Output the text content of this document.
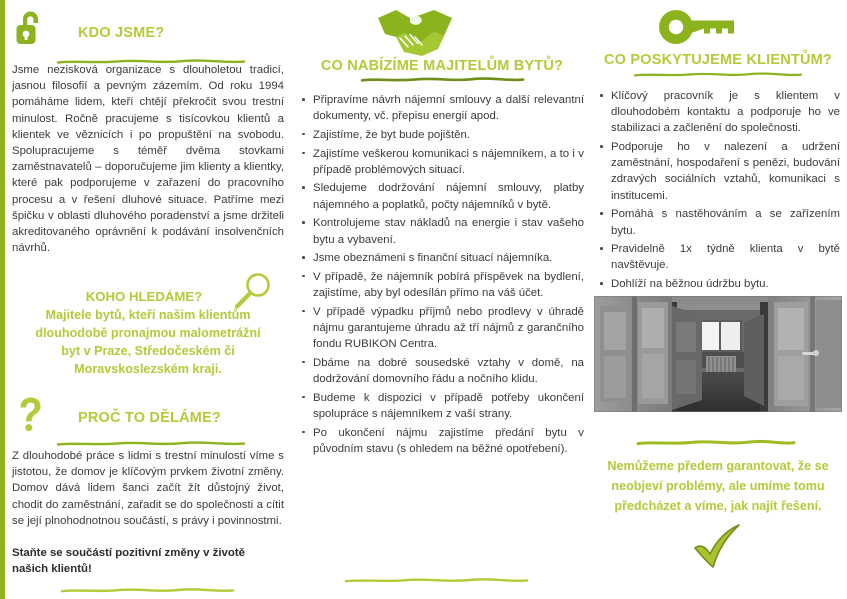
KDO JSME?

Jsme nezisková organizace s dlouholetou tradicí, jasnou filosofií a pevným zázemím. Od roku 1994 pomáháme lidem, kteří chtějí překročit svou trestní minulost. Ročně pracujeme s tisícovkou klientů a klientek ve věznicích i po propuštění na svobodu. Spolupracujeme s téměř dvěma stovkami zaměstnavatelů – doporučujeme jim klienty a klientky, které pak podporujeme v zařazení do pracovního procesu a v řešení dluhové situace. Patříme mezi špičku v oblasti dluhového poradenství a jsme držiteli akreditovaného oprávnění k podávání insolvenčních návrhů.

KOHO HLEDÁME?

Majitele bytů, kteří našim klientům

dlouhodobě pronajmou malometrážní

byt v Praze, Středočeském či

Moravskoslezském kraji.

PROČ TO DĚLÁME?

Z dlouhodobé práce s lidmi s trestní minulostí víme s jistotou, že domov je klíčovým prvkem životní změny. Domov dává lidem šanci začít žít důstojný život, chodit do zaměstnání, zařadit se do společnosti a cítit se její plnohodnotnou součástí, s právy i povinnostmi.

Staňte se součástí pozitivní změny v životě našich klientů!

CO NABÍZÍME MAJITELŮM BYTŮ?
Připravíme návrh nájemní smlouvy a další relevantní dokumenty, vč. přepisu energií apod.
Zajistíme, že byt bude pojištěn.
Zajistíme veškerou komunikaci s nájemníkem, a to i v případě problémových situací.
Sledujeme dodržování nájemní smlouvy, platby nájemného a poplatků, počty nájemníků v bytě.
Kontrolujeme stav nákladů na energie i stav vašeho bytu a vybavení.
Jsme obeznámeni s finanční situací nájemníka.
V případě, že nájemník pobírá příspěvek na bydlení, zajistíme, aby byl odesílán přímo na váš účet.
V případě výpadku příjmů nebo prodlevy v úhradě nájmu garantujeme úhradu až tří nájmů z garančního fondu RUBIKON Centra.
Dbáme na dobré sousedské vztahy v domě, na dodržování domovního řádu a nočního klidu.
Budeme k dispozici v případě potřeby ukončení spolupráce s nájemníkem z vaší strany.
Po ukončení nájmu zajistíme předání bytu v původním stavu (s ohledem na běžné opotřebení).
CO POSKYTUJEME KLIENTŮM?
Klíčový pracovník je s klientem v dlouhodobém kontaktu a podporuje ho ve stabilizaci a začlenění do společnosti.
Podporuje ho v nalezení a udržení zaměstnání, hospodaření s penězi, budování zdravých sociálních vztahů, komunikaci s institucemi.
Pomáhá s nastěhováním a se zařízením bytu.
Pravidelně 1x týdně klienta v bytě navštěvuje.
Dohlíží na běžnou údržbu bytu.

Nemůžeme předem garantovat, že se

neobjeví problémy, ale umíme tomu

předcházet a víme, jak najít řešení.
